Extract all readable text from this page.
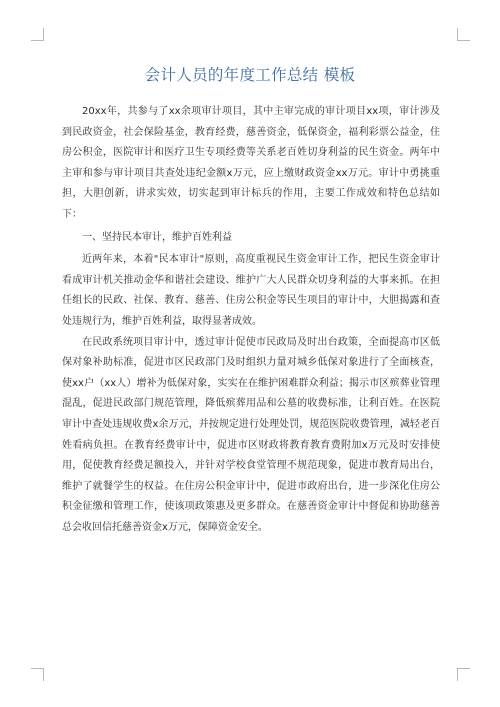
会计人员的年度工作总结 模板

20xx年，共参与了xx余项审计项目，其中主审完成的审计项目xx项，审计涉及到民政资金，社会保险基金，教育经费，慈善资金，低保资金，福利彩票公益金，住房公积金，医院审计和医疗卫生专项经费等关系老百姓切身利益的民生资金。两年中主审和参与审计项目共查处违纪金额x万元，应上缴财政资金xx万元。审计中勇挑重担，大胆创新，讲求实效，切实起到审计标兵的作用，主要工作成效和特色总结如下：

一、坚持民本审计，维护百姓利益

近两年来，本着"民本审计"原则，高度重视民生资金审计工作，把民生资金审计看成审计机关推动金华和谐社会建设、维护广大人民群众切身利益的大事来抓。在担任组长的民政、社保、教育、慈善、住房公积金等民生项目的审计中，大胆揭露和查处违规行为，维护百姓利益，取得显著成效。

在民政系统项目审计中，透过审计促使市民政局及时出台政策，全面提高市区低保对象补助标准，促进市区民政部门及时组织力量对城乡低保对象进行了全面核查，使xx户（xx人）增补为低保对象，实实在在维护困难群众利益；揭示市区殡葬业管理混乱，促进民政部门规范管理，降低殡葬用品和公墓的收费标准，让利百姓。在医院审计中查处违规收费x余万元，并按规定进行处理处罚，规范医院收费管理，减轻老百姓看病负担。在教育经费审计中，促进市区财政将教育教育费附加x万元及时安排使用，促使教育经费足额投入，并针对学校食堂管理不规范现象，促进市教育局出台，维护了就餐学生的权益。在住房公积金审计中，促进市政府出台，进一步深化住房公积金征缴和管理工作，使该项政策惠及更多群众。在慈善资金审计中督促和协助慈善总会收回信托慈善资金x万元，保障资金安全。
